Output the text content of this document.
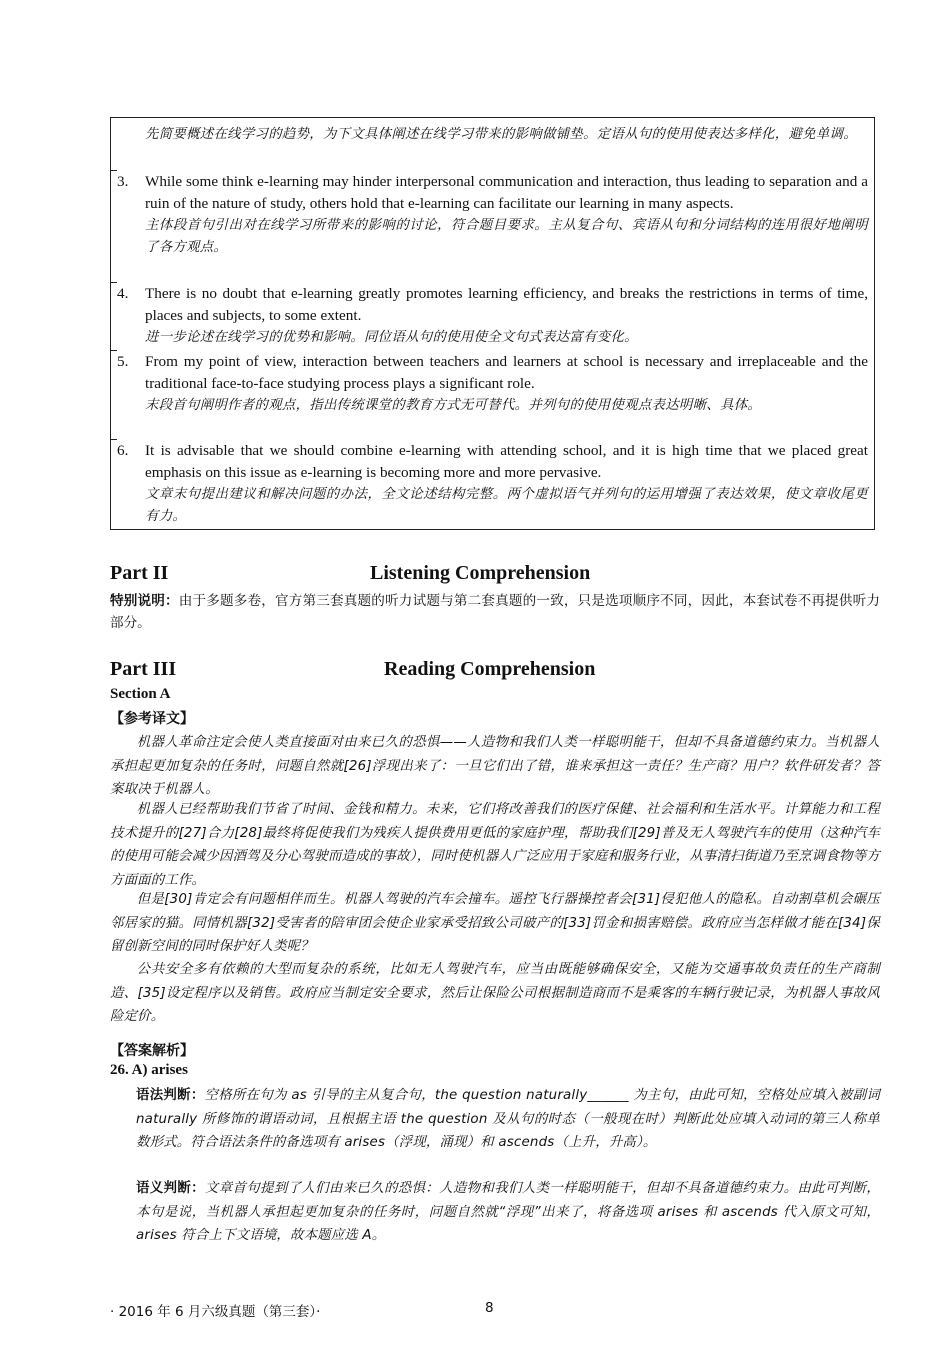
先简要概述在线学习的趋势，为下文具体阐述在线学习带来的影响做铺垫。定语从句的使用使表达多样化，避免单调。
3. While some think e-learning may hinder interpersonal communication and interaction, thus leading to separation and a ruin of the nature of study, others hold that e-learning can facilitate our learning in many aspects.
主体段首句引出对在线学习所带来的影响的讨论，符合题目要求。主从复合句、宾语从句和分词结构的连用很好地阐明了各方观点。
4. There is no doubt that e-learning greatly promotes learning efficiency, and breaks the restrictions in terms of time, places and subjects, to some extent.
进一步论述在线学习的优势和影响。同位语从句的使用使全文句式表达富有变化。
5. From my point of view, interaction between teachers and learners at school is necessary and irreplaceable and the traditional face-to-face studying process plays a significant role.
末段首句阐明作者的观点，指出传统课堂的教育方式无可替代。并列句的使用使观点表达明晰、具体。
6. It is advisable that we should combine e-learning with attending school, and it is high time that we placed great emphasis on this issue as e-learning is becoming more and more pervasive.
文章末句提出建议和解决问题的办法，全文论述结构完整。两个虚拟语气并列句的运用增强了表达效果，使文章收尾更有力。
Part II	Listening Comprehension
特别说明：由于多题多卷，官方第三套真题的听力试题与第二套真题的一致，只是选项顺序不同，因此，本套试卷不再提供听力部分。
Part III	Reading Comprehension
Section A
【参考译文】
机器人革命注定会使人类直接面对由来已久的恐惧——人造物和我们人类一样聪明能干，但却不具备道德约束力。当机器人承担起更加复杂的任务时，问题自然就[26]浮现出来了：一旦它们出了错，谁来承担这一责任？生产商？用户？软件研发者？答案取决于机器人。
机器人已经帮助我们节省了时间、金钱和精力。未来，它们将改善我们的医疗保健、社会福利和生活水平。计算能力和工程技术提升的[27]合力[28]最终将促使我们为残疾人提供费用更低的家庭护理，帮助我们[29]普及无人驾驶汽车的使用（这种汽车的使用可能会减少因酒驾及分心驾驶而造成的事故），同时使机器人广泛应用于家庭和服务行业，从事清扫街道乃至烹调食物等方方面面的工作。
但是[30]肯定会有问题相伴而生。机器人驾驶的汽车会撞车。遥控飞行器操控者会[31]侵犯他人的隐私。自动割草机会碾压邻居家的猫。同情机器[32]受害者的陪审团会使企业家承受招致公司破产的[33]罚金和损害赔偿。政府应当怎样做才能在[34]保留创新空间的同时保护好人类呢？
公共安全多有依赖的大型而复杂的系统，比如无人驾驶汽车，应当由既能够确保安全，又能为交通事故负责任的生产商制造、[35]设定程序以及销售。政府应当制定安全要求，然后让保险公司根据制造商而不是乘客的车辆行驶记录，为机器人事故风险定价。
【答案解析】
26. A) arises
语法判断：空格所在句为 as 引导的主从复合句，the question naturally______ 为主句，由此可知，空格处应填入被副词 naturally 所修饰的谓语动词，且根据主语 the question 及从句的时态（一般现在时）判断此处应填入动词的第三人称单数形式。符合语法条件的备选项有 arises（浮现，涌现）和 ascends（上升，升高）。
语义判断：文章首句提到了人们由来已久的恐惧：人造物和我们人类一样聪明能干，但却不具备道德约束力。由此可判断，本句是说，当机器人承担起更加复杂的任务时，问题自然就“浮现”出来了，将备选项 arises 和 ascends 代入原文可知，arises 符合上下文语境，故本题应选 A。
· 2016 年 6 月六级真题（第三套）·	8
